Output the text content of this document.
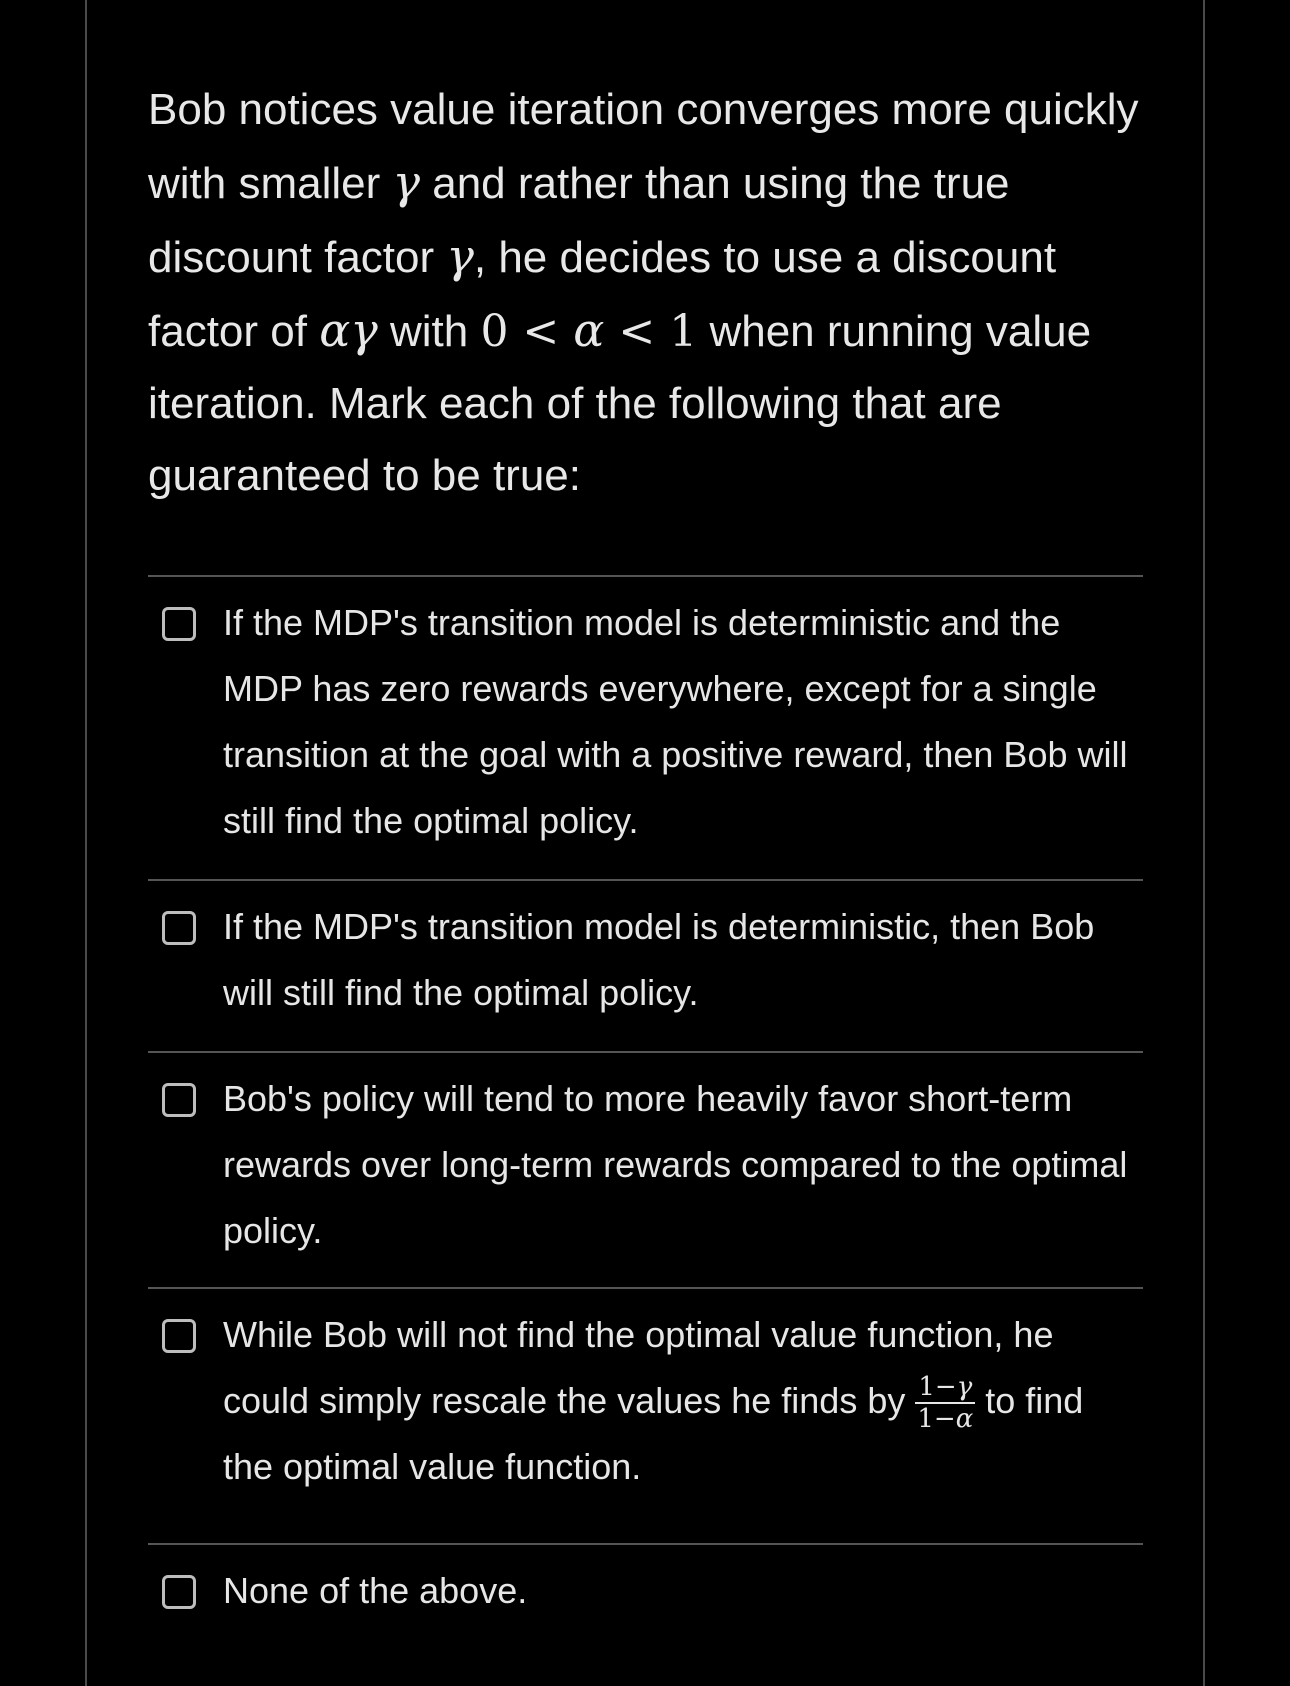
Bob notices value iteration converges more quickly with smaller γ and rather than using the true discount factor γ, he decides to use a discount factor of αγ with 0 < α < 1 when running value iteration. Mark each of the following that are guaranteed to be true:
If the MDP's transition model is deterministic and the MDP has zero rewards everywhere, except for a single transition at the goal with a positive reward, then Bob will still find the optimal policy.
If the MDP's transition model is deterministic, then Bob will still find the optimal policy.
Bob's policy will tend to more heavily favor short-term rewards over long-term rewards compared to the optimal policy.
While Bob will not find the optimal value function, he could simply rescale the values he finds by $\frac{1-\gamma}{1-\alpha}$ to find the optimal value function.
None of the above.
